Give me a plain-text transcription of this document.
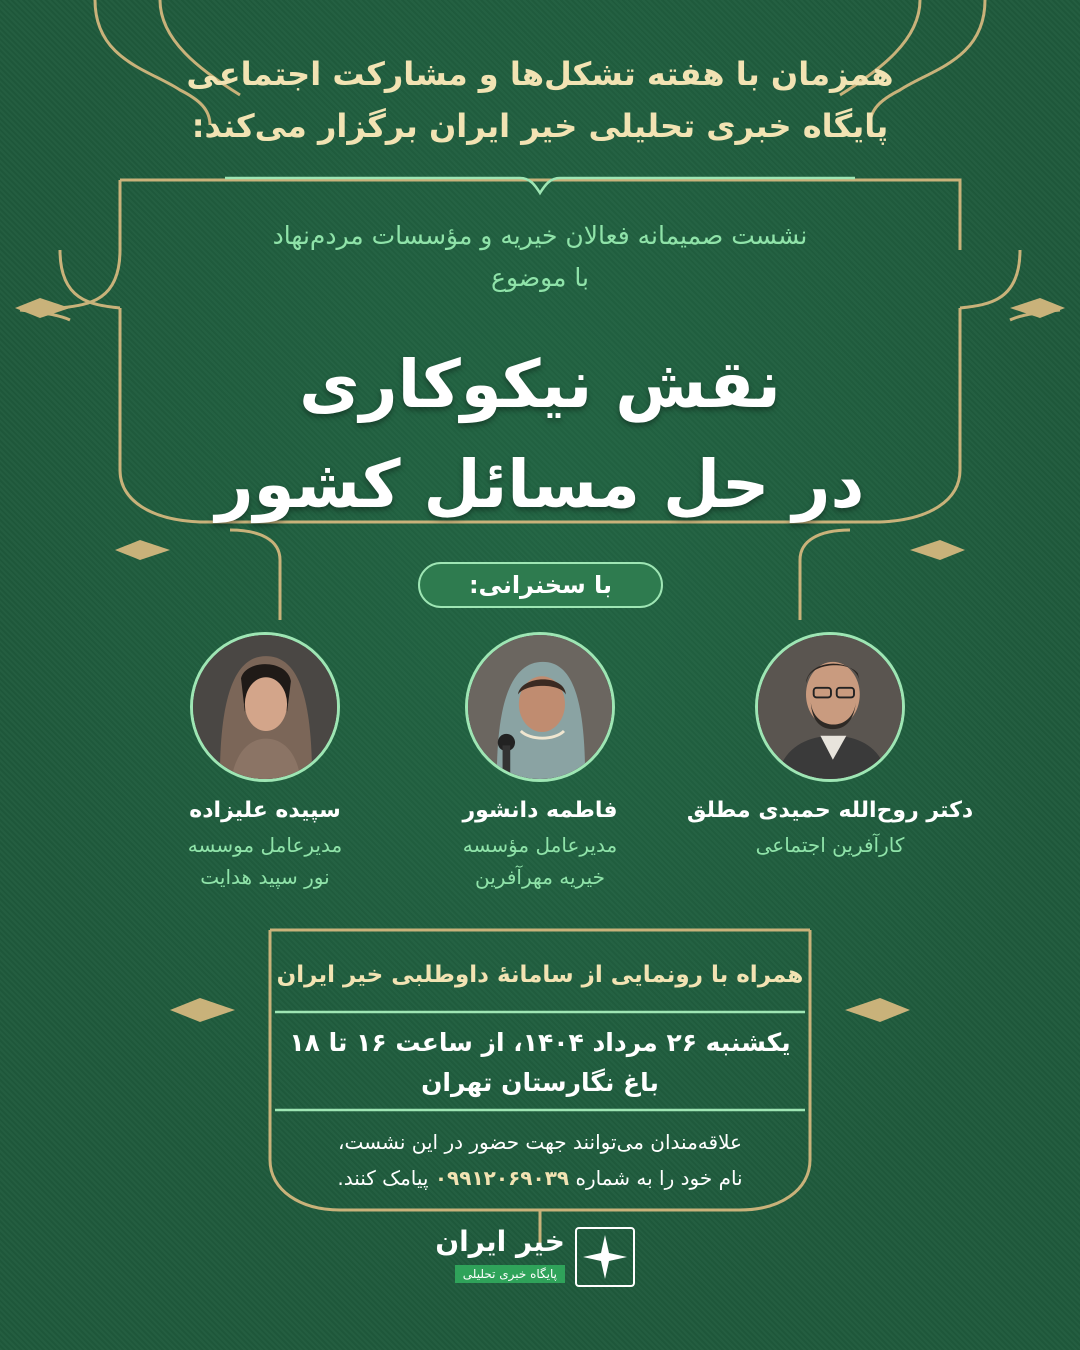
همزمان با هفته تشکل‌ها و مشارکت اجتماعی
پایگاه خبری تحلیلی خیر ایران برگزار می‌کند:
نشست صمیمانه فعالان خیریه و مؤسسات مردم‌نهاد
با موضوع
نقش نیکوکاری
در حل مسائل کشور
با سخنرانی:
دکتر روح‌الله حمیدی مطلق
کارآفرین اجتماعی
فاطمه دانشور
مدیرعامل مؤسسه
خیریه مهرآفرین
سپیده علیزاده
مدیرعامل موسسه
نور سپید هدایت
همراه با رونمایی از سامانهٔ داوطلبی خیر ایران
یکشنبه ۲۶ مرداد ۱۴۰۴، از ساعت ۱۶ تا ۱۸
باغ نگارستان تهران
علاقه‌مندان می‌توانند جهت حضور در این نشست،
نام خود را به شماره ۰۹۹۱۲۰۶۹۰۳۹ پیامک کنند.
خیر ایران
پایگاه خبری تحلیلی
